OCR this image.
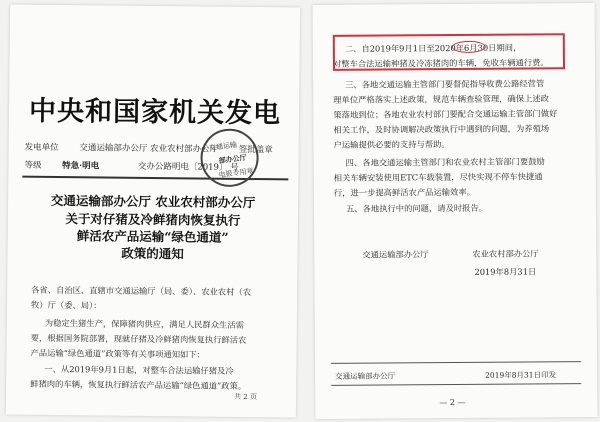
中央和国家机关发电
发电单位 交通运输部办公厅 农业农村部办公厅 签批盖章
等级 特急·明电	交办公路明电〔2019〕 号
交通运输
部办公厅
电报专用章
交通运输部办公厅 农业农村部办公厅
关于对仔猪及冷鲜猪肉恢复执行
鲜活农产品运输“绿色通道”
政策的通知
各省、自治区、直辖市交通运输厅（局、委）、农业农村（农
牧）厅（委、局）：
为稳定生猪生产，保障猪肉供应，满足人民群众生活需
要，根据国务院部署，现就仔猪及冷鲜猪肉恢复执行鲜活农
产品运输“绿色通道”政策等有关事项通知如下：
一、从2019年9月1日起，对整车合法运输仔猪及冷
鲜猪肉的车辆，恢复执行鲜活农产品运输“绿色通道”政策。
共 2 页
二、自2019年9月1日至2020年6月30日期间，
对整车合法运输种猪及冷冻猪肉的车辆，免收车辆通行费。
三、各地交通运输主管部门要督促指导收费公路经营管
理单位严格落实上述政策，规范车辆查验管理，确保上述政
策落地到位；各地农业农村部门要配合交通运输主管部门做好
相关工作，及时协调解决政策执行中遇到的问题，为养殖场
户运输提供必要的支持与帮助。
四、各地交通运输主管部门和农业农村主管部门要鼓励
相关车辆安装使用ETC车载装置，尽快实现不停车快捷通
行，进一步提高鲜活农产品运输效率。
五、各地执行中的问题，请及时报告。
交通运输部办公厅	农业农村部办公厅
2019年8月31日
交通运输部办公厅	2019年8月31日印发
— 2 —
